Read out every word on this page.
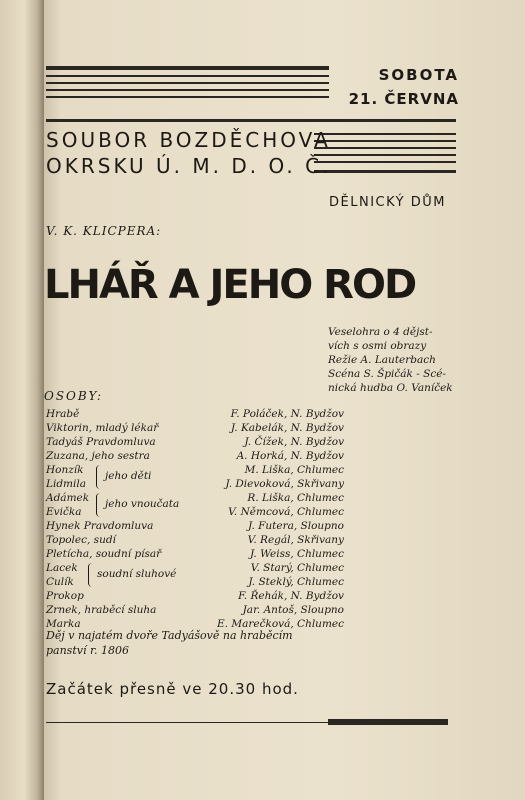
SOBOTA
21. ČERVNA
SOUBOR BOZDĚCHOVA
OKRSKU Ú. M. D. O. Č.
DĚLNICKÝ DŮM
V. K. KLICPERA:
LHÁŘ A JEHO ROD
Veselohra o 4 dějst-
vích s osmi obrazy
Režie A. Lauterbach
Scéna S. Špičák - Scé-
nická hudba O. Vaníček
OSOBY:
Hrabě	F. Poláček, N. Bydžov
Viktorin, mladý lékař	J. Kabelák, N. Bydžov
Tadyáš Pravdomluva	J. Čížek, N. Bydžov
Zuzana, jeho sestra	A. Horká, N. Bydžov
Honzík	M. Liška, Chlumec
Lidmila	J. Dievoková, Skřivany
Adámek	R. Liška, Chlumec
Evička	V. Němcová, Chlumec
Hynek Pravdomluva	J. Futera, Sloupno
Topolec, sudí	V. Regál, Skřivany
Pletícha, soudní písař	J. Weiss, Chlumec
Lacek	V. Starý, Chlumec
Culík	J. Steklý, Chlumec
Prokop	F. Řehák, N. Bydžov
Zrnek, hraběcí sluha	Jar. Antoš, Sloupno
Marka	E. Marečková, Chlumec
jeho děti
jeho vnoučata
soudní sluhové
Děj v najatém dvoře Tadyášově na hraběcím
panství r. 1806
Začátek přesně ve 20.30 hod.
